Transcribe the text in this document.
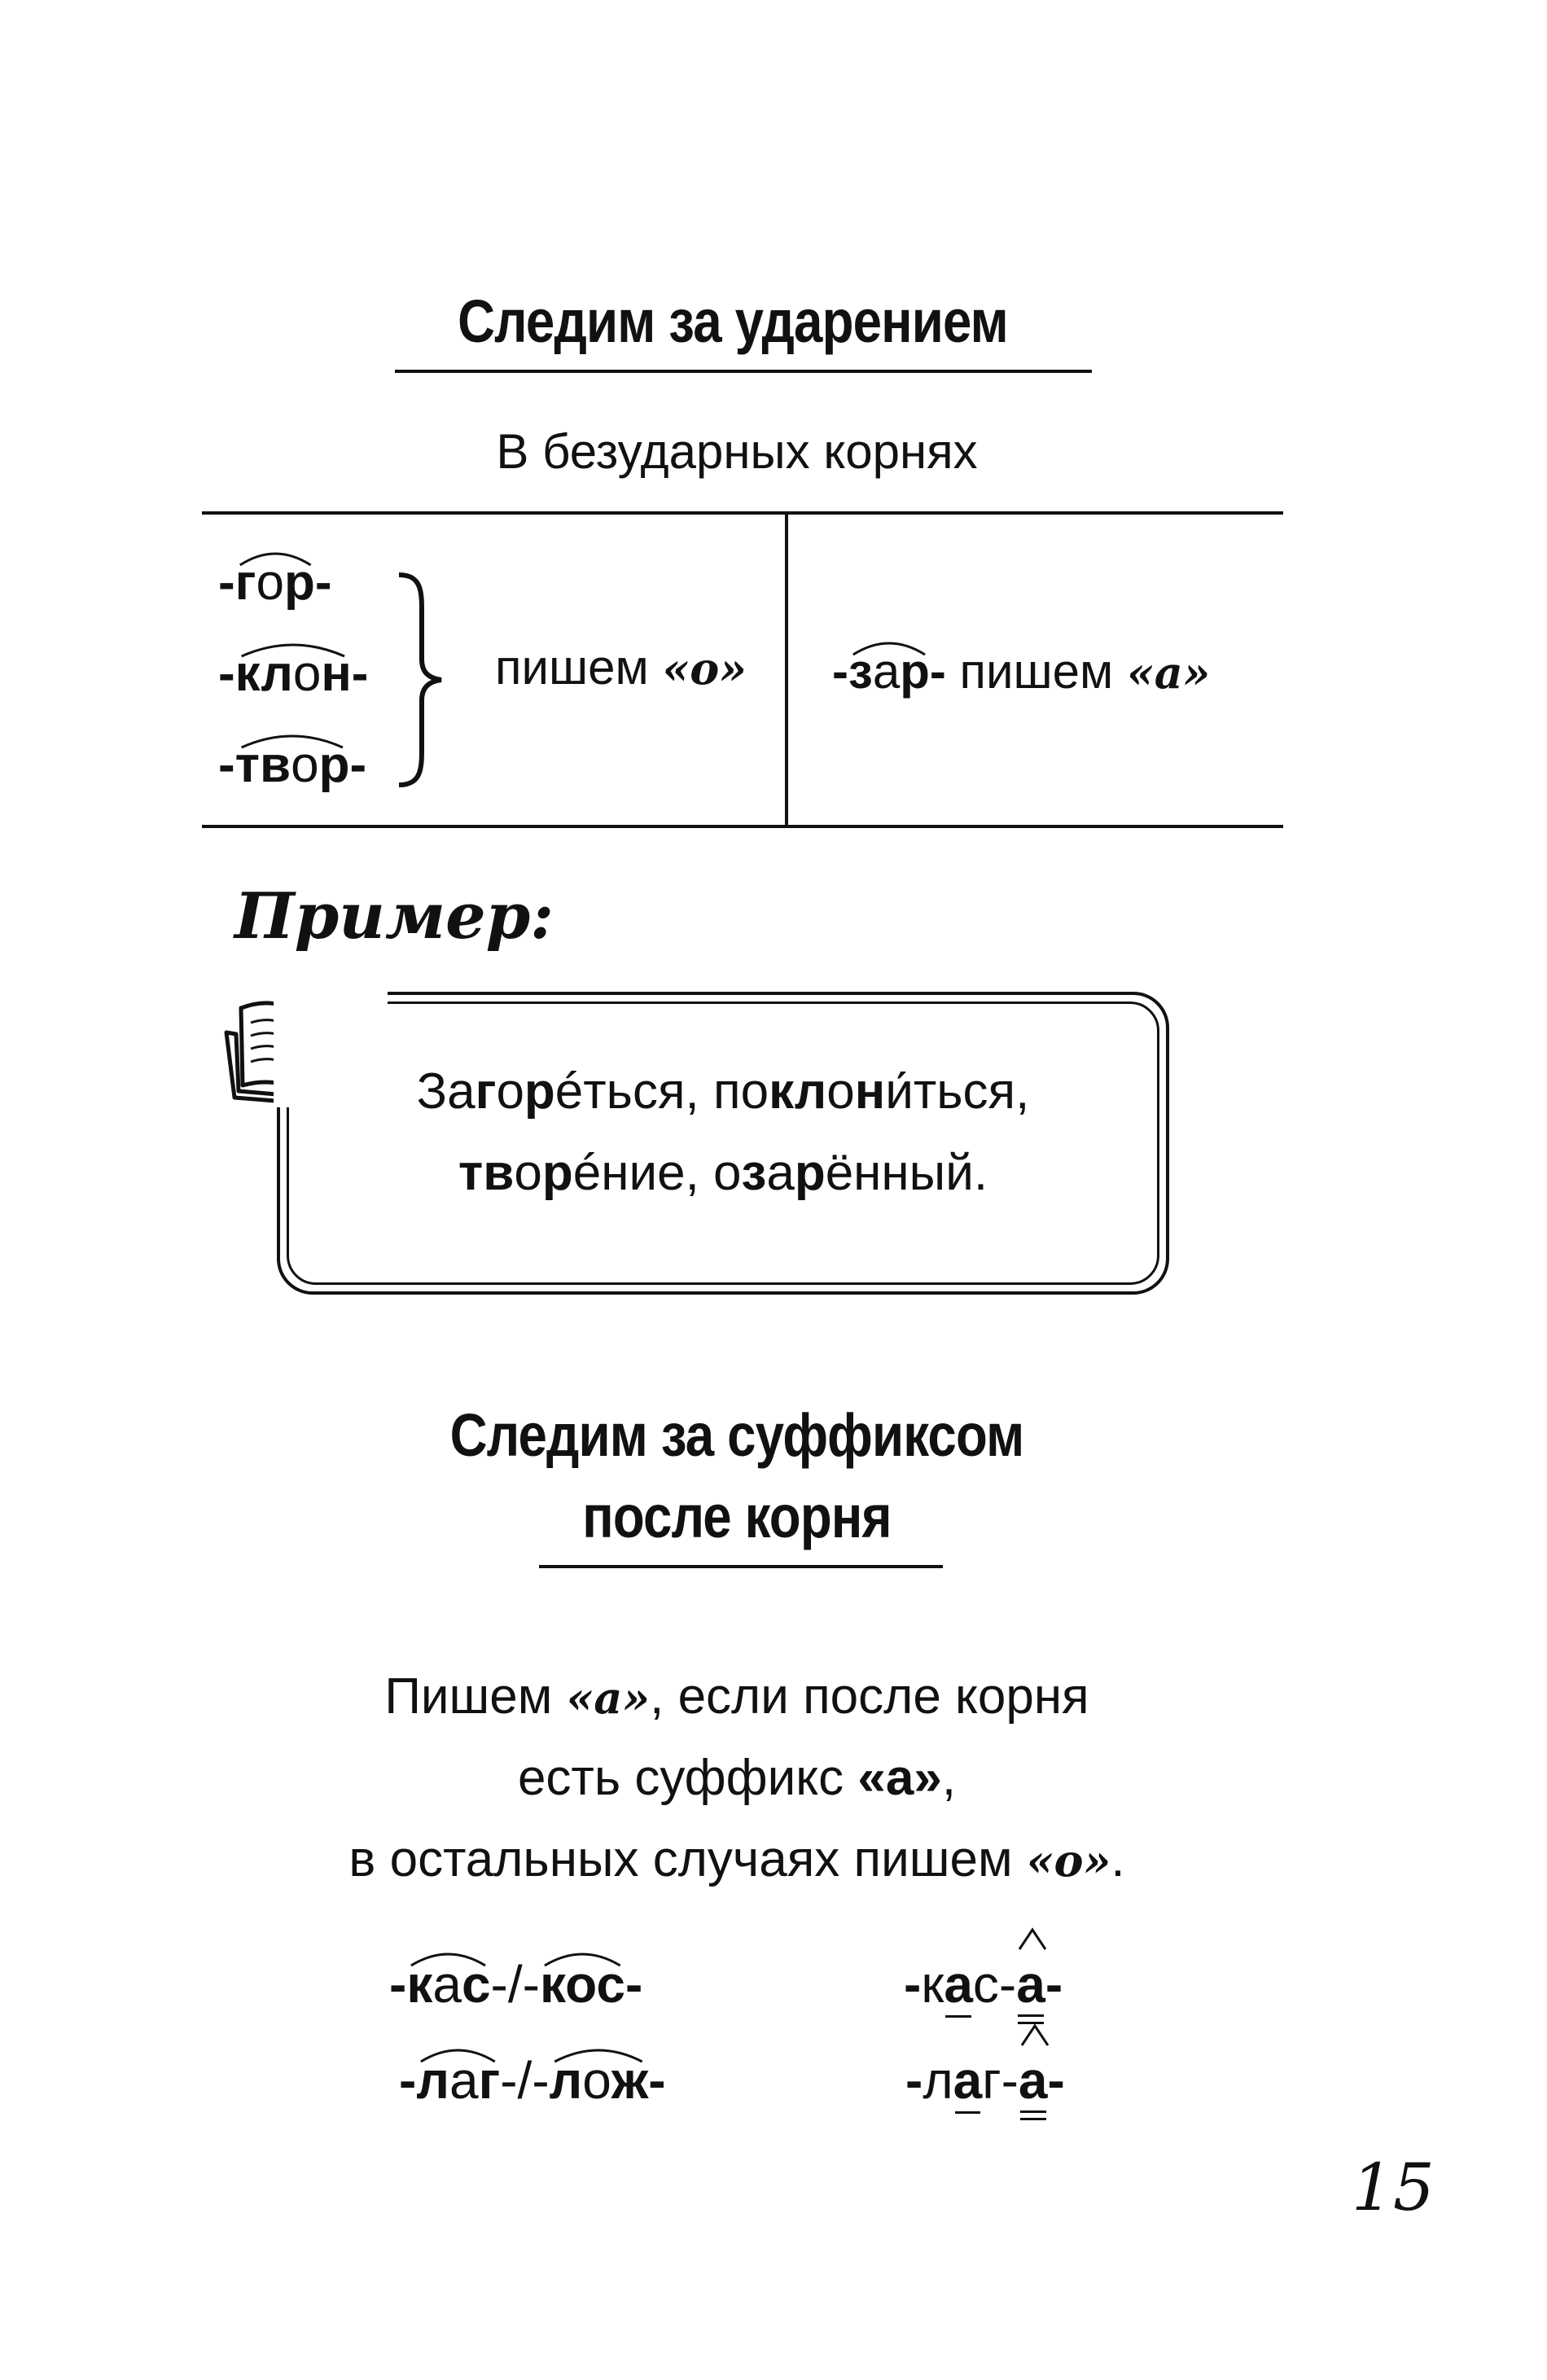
Следим за ударением
В безударных корнях
-
гор-
-
клон-
-
твор-
пишем «о» -
зар- пишем «а»
Пример:
Загорéться, поклони́ться,
творéние, озарённый.
Следим за суффиксом
после корня
Пишем «а», если после корня
есть суффикс «а»,
в остальных случаях пишем «о».
-
кас-/-
кос-
-
лаг-/-
лож-
-кас-
а-
-лаг-
а-
15
